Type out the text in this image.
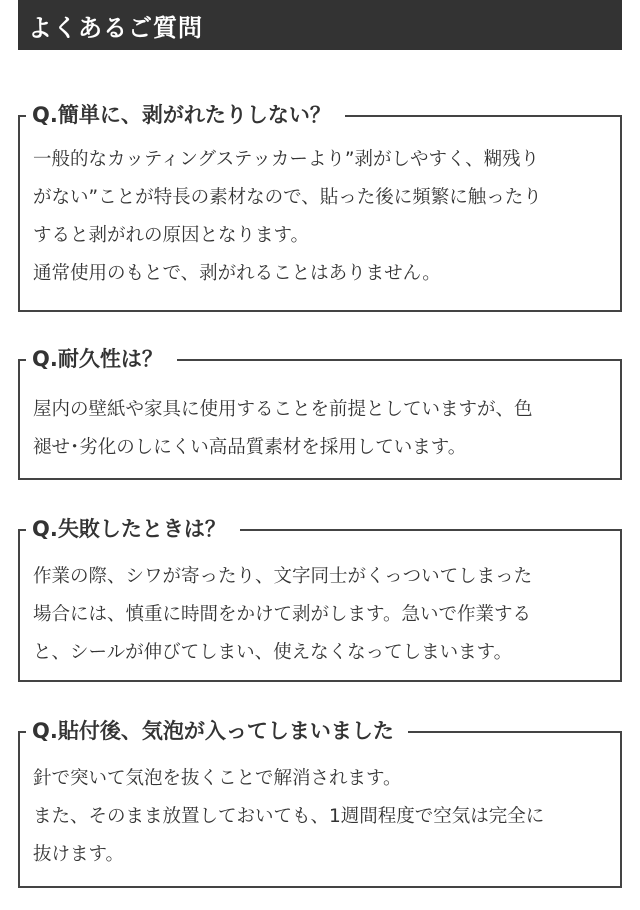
よくあるご質問
Q.簡単に、剥がれたりしない？
一般的なカッティングステッカーより”剥がしやすく、糊残り
がない”ことが特長の素材なので、貼った後に頻繁に触ったり
すると剥がれの原因となります。
通常使用のもとで、剥がれることはありません。
Q.耐久性は？
屋内の壁紙や家具に使用することを前提としていますが、色
褪せ･劣化のしにくい高品質素材を採用しています。
Q.失敗したときは？
作業の際、シワが寄ったり、文字同士がくっついてしまった
場合には、慎重に時間をかけて剥がします。急いで作業する
と、シールが伸びてしまい、使えなくなってしまいます。
Q.貼付後、気泡が入ってしまいました
針で突いて気泡を抜くことで解消されます。
また、そのまま放置しておいても、1週間程度で空気は完全に
抜けます。
